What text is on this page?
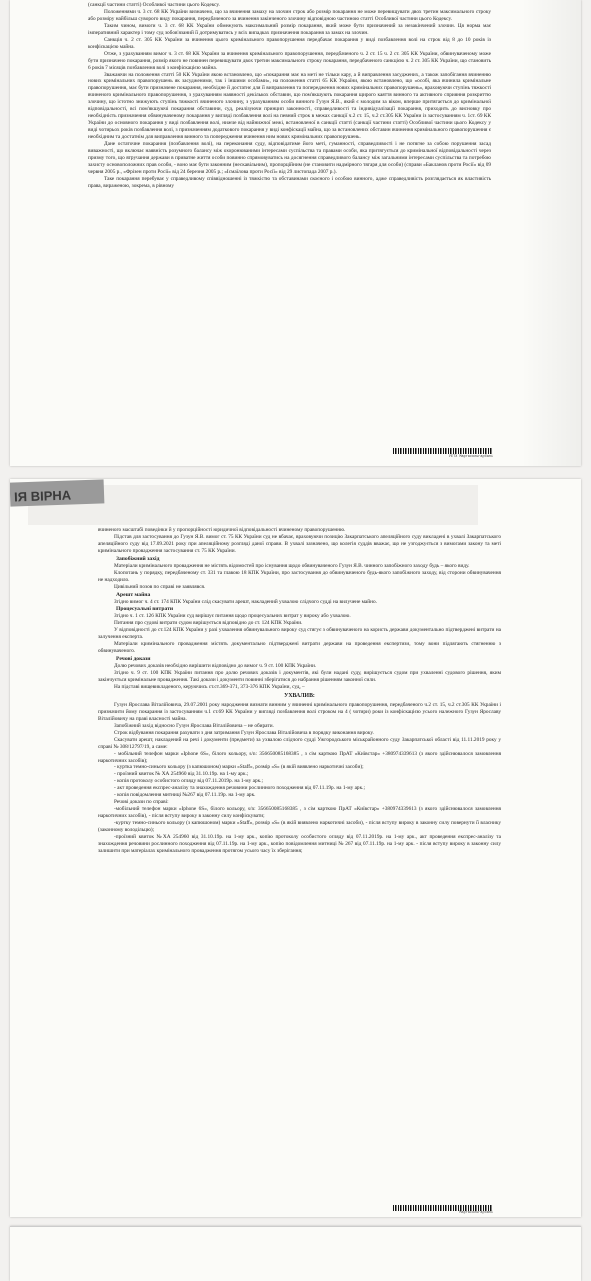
(санкції частини статті) Особливої частини цього Кодексу.

Положеннями ч. 3 ст. 68 КК України визначено, що за вчинення замаху на злочин строк або розмір покарання не може перевищувати двох третин максимального строку або розміру найбільш суворого виду покарання, передбаченого за вчинення закінченого злочину відповідною частиною статті Особливої частини цього Кодексу.

Таким чином, вимоги ч. 3 ст. 68 КК України обмежують максимальний розмір покарання, який може бути призначений за незакінчений злочин. Ця норма має імперативний характер і тому суд зобов'язаний її дотримуватись у всіх випадках призначення покарання за замах на злочин.

Санкція ч. 2 ст. 305 КК України за вчинення цього кримінального правопорушення передбачає покарання у виді позбавлення волі на строк від 8 до 10 років із конфіскацією майна.

Отже, з урахуванням вимог ч. 3 ст. 68 КК України за вчинення кримінального правопорушення, передбаченого ч. 2 ст. 15 ч. 2 ст. 305 КК України, обвинуваченому може бути призначено покарання, розмір якого не повинен перевищувати двох третин максимального строку покарання, передбаченого санкцією ч. 2 ст. 305 КК України, що становить 6 років 7 місяців позбавлення волі з конфіскацією майна.

Зважаючи на положення статті 50 КК України якою встановлено, що «покарання має на меті не тільки кару, а й виправлення засуджених, а також запобігання вчиненню нових кримінальних правопорушень як засудженими, так і іншими особами», на положення статті 65 КК України, якою встановлено, що «особі, яка вчинила кримінальне правопорушення, має бути призначене покарання, необхідне й достатнє для її виправлення та попередження нових кримінальних правопорушень», враховуючи ступінь тяжкості вчиненого кримінального правопорушення, з урахуванням наявності декількох обставин, що пом'якшують покарання щирого каяття винного та активного сприяння розкриттю злочину, що істотно знижують ступінь тяжкості вчиненого злочину, з урахуванням особи винного Гузун Я.В., який є молодим за віком, вперше притягається до кримінальної відповідальності, всі пом'якшуючі покарання обставини, суд, реалізуючи принцип законності, справедливості та індивідуалізації покарання, приходить до висновку про необхідність призначення обвинуваченому покарання у вигляді позбавлення волі на певний строк в межах санкції ч.2 ст. 15, ч.2 ст.305 КК України із застосуванням ч. 1ст. 69 КК України до основного покарання у виді позбавлення волі, нижче від найнижчої межі, встановленої в санкції статті (санкції частини статті) Особливої частини цього Кодексу у виді чотирьох років позбавлення волі, з призначенням додаткового покарання у виді конфіскації майна, що за встановлених обставин вчинення кримінального правопорушення є необхідним та достатнім для виправлення винного та попередження вчинення ним нових кримінальних правопорушень.

Дане остаточне покарання (позбавлення волі), на переконання суду, відповідатиме його меті, гуманності, справедливості і не потягне за собою порушення засад виважності, що включає наявність розумного балансу між охоронюваними інтересами суспільства та правами особи, яка притягується до кримінальної відповідальності через призму того, що втручання держави в приватне життя особи повинно спрямовуватись на досягнення справедливого балансу між загальними інтересами суспільства та потребою захисту основоположних прав особи, - воно має бути законним (нескавільним), пропорційним (не становити надмірного тягаря для особи) (справи «Бакланов проти Росії» від 09 червня 2005 р., «Фрізен проти Росії» від 24 березня 2005 р.; «Ісмаїлова проти Росії» від 29 листопада 2007 р.).

Таке покарання перебуває у справедливому співвідношенні із тяжкістю та обставинами скоєного і особою винного, адже справедливість розглядається як властивість права, вираженою, зокрема, в рівному

УЕТХ Маргасольгарбані
ІЯ ВІРНА

вчиненого масштабі поведінки й у пропорційності юридичної відповідальності вчиненому правопорушенню.

Підстав для застосування до Гузун Я.В. вимог ст. 75 КК України суд не вбачає, враховуючи позицію Закарпатського апеляційного суду викладені в ухвалі Закарпатського апеляційного суду від 17.09.2021 року при апеляційному розгляді даної справи. В ухвалі зазначено, що колегія суддів вважає, що не узгоджується з вимогами закону та меті кримінального провадження застосування ст. 75 КК України.

Запобіжний захід

Матеріали кримінального провадження не містять відомостей про існування щодо обвинуваченого Гузун Я.В. чинного запобіжного заходу будь – якого виду.

Клопотань у порядку, передбаченому ст. 331 та главою 18 КПК України, про застосування до обвинуваченого будь-якого запобіжного заходу, від сторони обвинувачення не надходило.

Цивільний позов по справі не заявлявся.

Арешт майна

Згідно вимог ч. 4 ст. 174 КПК України слід скасувати арешт, накладений ухвалою слідчого судді на вилучене майно.

Процесуальні витрати

Згідно ч. 1 ст. 126 КПК України суд вирішує питання щодо процесуальних витрат у вироку або ухвалою.

Питання про судові витрати судом вирішується відповідно до ст. 124 КПК України.

У відповідності до ст.124 КПК України у разі ухвалення обвинувального вироку суд стягує з обвинуваченого на користь держави документально підтверджені витрати на залучення експерта.

Матеріали кримінального провадження містять документально підтверджені витрати держави на проведення експертизи, тому вони підлягають стягненню з обвинуваченого.

Речові докази

Долю речових доказів необхідно вирішити відповідно до вимог ч. 9 ст. 100 КПК України.

Згідно ч. 9 ст. 100 КПК України питання про долю речових доказів і документів, які були надані суду, вирішується судом при ухваленні судового рішення, яким закінчується кримінальне провадження. Такі докази і документи повинні зберігатися до набрання рішенням законної сили.

На підставі вищевикладеного, керуючись ст.ст.369-371, 373-376 КПК України, суд, –

УХВАЛИВ:

Гузун Ярослава Віталійовича, 29.07.2001 року народження визнати винним у вчиненні кримінального правопорушення, передбаченого ч.2 ст. 15, ч.2 ст.305 КК України і призначити йому покарання із застосуванням ч.1 ст.69 КК України у вигляді позбавлення волі строком на 4 ( чотири) роки із конфіскацією усього належного Гузун Ярославу Віталійовичу на праві власності майна.

Запобіжний захід відносно Гузун Ярослава Віталійовича – не обирати.

Строк відбування покарання рахувати з дня затримання Гузун Ярослава Віталійовича в порядку виконання вироку.

Скасувати арешт, накладений на речі і документи (предмети) за ухвалою слідчого судді Ужгородського міськрайонного суду Закарпатської області від 11.11.2019 року у справі № 308/12797/19, а саме:

- мобільний телефон марки «Iphone 6S», білого кольору, s/n: 356650085168385 , з сім карткою ПрАТ «Київстар» +380974339613 (з якого здійснювалося замовлення наркотичних засобів);

- куртка темно-синього кольору (з капюшоном) марки «Staff», розмір «S» (в якій виявлено наркотичні засоби);

- проїзний квиток № ХА 254960 від 31.10.19р. на 1-му арк.;

- копія протоколу особистого огляду від 07.11.2019р. на 1-му арк.;

- акт проведення експрес-аналізу та знахождення речовини рослинного походження від 07.11.19р. на 1-му арк.;

- копія повідомлення митниці №267 від 07.11.19р. на 1-му арк.

Речові докази по справі:

-мобільний телефон марки «Iphone 6S», білого кольору, s/n: 356650085168385 , з сім карткою ПрАТ «Київстар» +380974339613 (з якого здійснювалося замовлення наркотичних засобів), - після вступу вироку в законну силу конфіскувати;

-куртку темно-синього кольору (з капюшоном) марки «Staff», розмір «S» (в якій виявлено наркотичні засоби), - після вступу вироку в законну силу повернути її власнику (законному володільцю);

-проїзний квиток №ХА 254960 від 31.10.19р. на 1-му арк., копію протоколу особистого огляду від 07.11.2019р. на 1-му арк., акт проведення експрес-аналізу та знахождення речовини рослинного походження від 07.11.19р. на 1-му арк., копію повідомлення митниці № 267 від 07.11.19р. на 1-му арк. - після вступу вироку в законну силу залишити при матеріалах кримінального провадження протягом усього часу їх зберігання;

Маргасольгарбані
